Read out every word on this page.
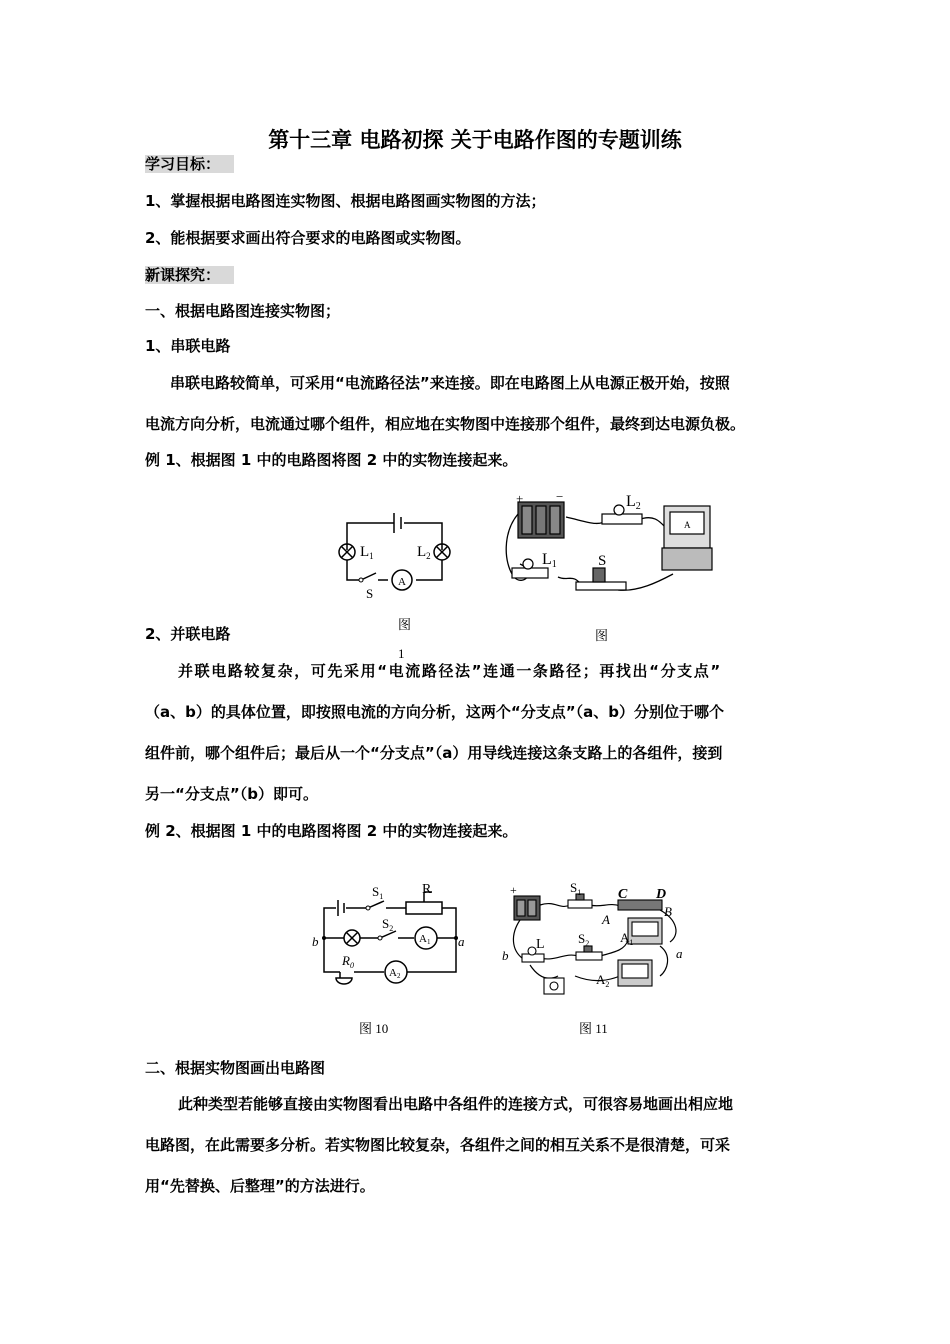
第十三章 电路初探 关于电路作图的专题训练
学习目标：
1、掌握根据电路图连实物图、根据电路图画实物图的方法；
2、能根据要求画出符合要求的电路图或实物图。
新课探究：
一、根据电路图连接实物图；
1、串联电路
串联电路较简单，可采用“电流路径法”来连接。即在电路图上从电源正极开始，按照
电流方向分析，电流通过哪个组件，相应地在实物图中连接那个组件，最终到达电源负极。
例 1、根据图 1 中的电路图将图 2 中的实物连接起来。
$L_1$	$L_2$
A
S
+	−	L2
A
L1	S
图
1
图
2、并联电路
并联电路较复杂，可先采用“电流路径法”连通一条路径；再找出“分支点”
（a、b）的具体位置，即按照电流的方向分析，这两个“分支点”（a、b）分别位于哪个
组件前，哪个组件后；最后从一个“分支点”（a）用导线连接这条支路上的各组件，接到
另一“分支点”（b）即可。
例 2、根据图 1 中的电路图将图 2 中的实物连接起来。
$S_1$	R
$S_2$
A1
A2
$R_0$
a
b
+	$S_1$	C D
A
B
L	$S_2$ $A_1$
$A_2$
a
b
图 10	图 11
二、根据实物图画出电路图
此种类型若能够直接由实物图看出电路中各组件的连接方式，可很容易地画出相应地
电路图，在此需要多分析。若实物图比较复杂，各组件之间的相互关系不是很清楚，可采
用“先替换、后整理”的方法进行。
